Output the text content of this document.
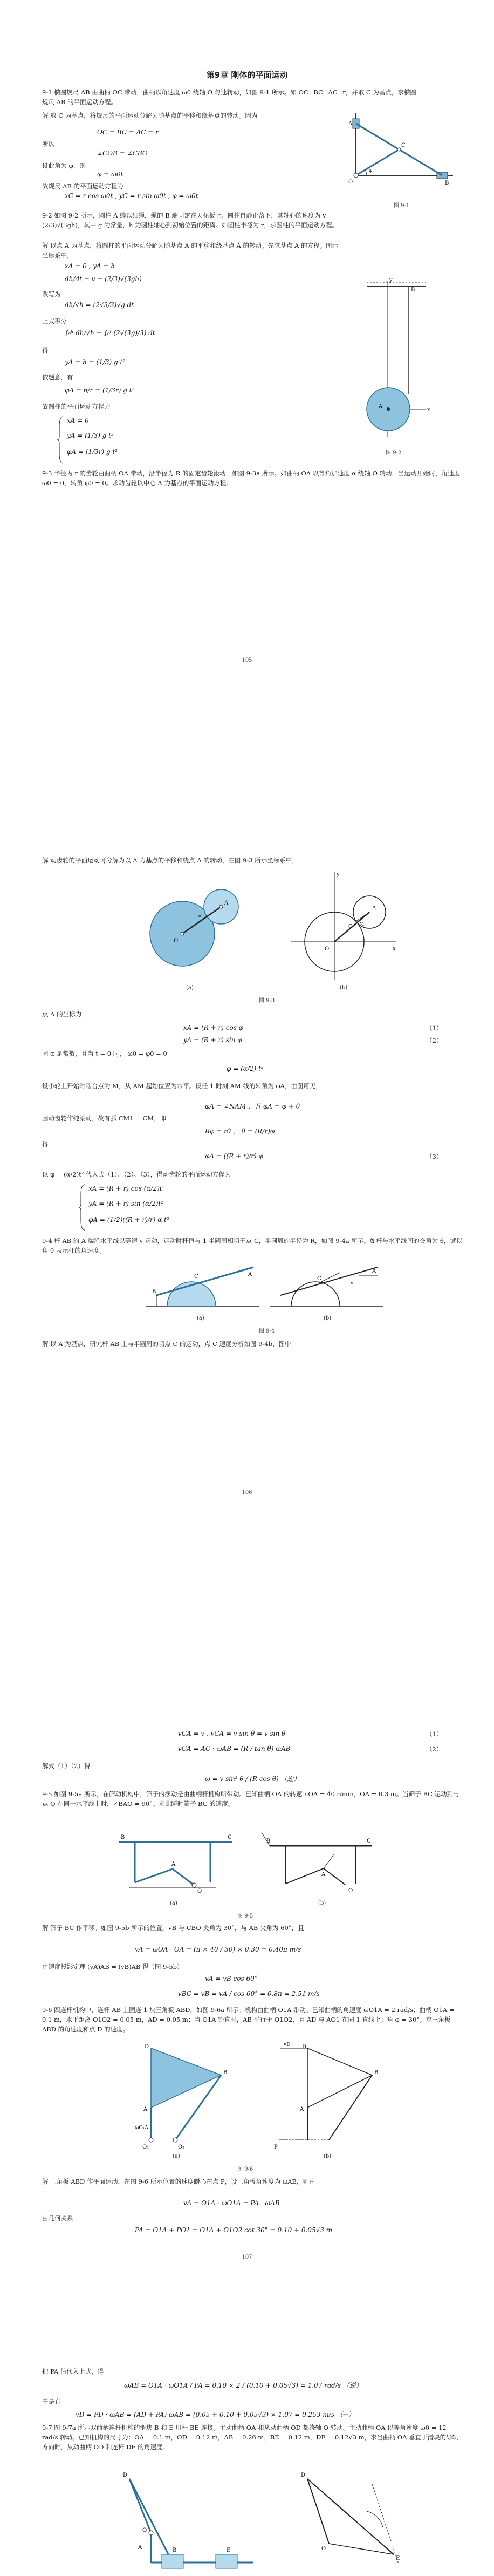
第9章 刚体的平面运动
9-1 椭圆规尺 AB 由曲柄 OC 带动，曲柄以角速度 ω0 绕轴 O 匀速转动，如图 9-1 所示。如 OC=BC=AC=r，并取 C 为基点，求椭圆规尺 AB 的平面运动方程。
解 取 C 为基点，将规尺的平面运动分解为随基点的平移和绕基点的转动。因为
OC = BC = AC = r
所以
∠COB = ∠CBO
设此角为 φ，则
φ = ω0t
故规尺 AB 的平面运动方程为
xC = r cos ω0t , yC = r sin ω0t , φ = ω0t
O
C
A
B
φ
图 9-1
9-2 如图 9-2 所示，圆柱 A 缠以细绳，绳的 B 端固定在天花板上。圆柱自静止落下，其轴心的速度为 v = (2/3)√(3gh)，其中 g 为常量，h 为圆柱轴心到初始位置的距离。如圆柱半径为 r，求圆柱的平面运动方程。
解 以点 A 为基点，将圆柱的平面运动分解为随基点 A 的平移和绕基点 A 的转动。先求基点 A 的方程。图示坐标系中，
xA = 0 , yA = h
dh/dt = v = (2/3)√(3gh)
改写为
dh/√h = (2√3/3)√g dt
上式积分
∫₀ʰ dh/√h = ∫₀ᵗ (2√(3g)/3) dt
得
yA = h = (1/3) g t²
依题意，有
φA = h/r = (1/3r) g t²
故圆柱的平面运动方程为
xA = 0
yA = (1/3) g t²
φA = (1/3r) g t²
B
A
y
x
图 9-2
9-3 半径为 r 的齿轮由曲柄 OA 带动，沿半径为 R 的固定齿轮滚动，如图 9-3a 所示。如曲柄 OA 以等角加速度 α 绕轴 O 转动，当运动开始时，角速度 ω0 = 0，转角 φ0 = 0。求动齿轮以中心 A 为基点的平面运动方程。
105
解 动齿轮的平面运动可分解为以 A 为基点的平移和绕点 A 的转动，在图 9-3 所示坐标系中，
O
A
α
(a)
O
A
y
x
C M
(b)
图 9-3
点 A 的坐标为
xA = (R + r) cos φ	（1）
yA = (R + r) sin φ	（2）
因 α 是常数，且当 t = 0 时， ω0 = φ0 = 0
φ = (α/2) t²
设小轮上开始时啮合点为 M，从 AM 起始位置为水平。设任 1 时刻 AM 线的转角为 φA，由图可见，
φA = ∠NAM ，且 φA = φ + θ
因动齿轮作纯滚动，故有弧 CM1 = CM，即
Rφ = rθ ， θ = (R/r)φ
得
φA = ((R + r)/r) φ	（3）
以 φ = (α/2)t² 代入式（1）、（2）、（3），得动齿轮的平面运动方程为
xA = (R + r) cos (α/2)t²
yA = (R + r) sin (α/2)t²
φA = (1/2)((R + r)/r) α t²
9-4 杆 AB 的 A 端沿水平线以等速 v 运动，运动时杆恒与 1 半圆周相切于点 C，半圆周的半径为 R，如图 9-4a 所示。如杆与水平线间的交角为 θ，试以角 θ 表示杆的角速度。
A
B
C
(a)
A
v
C
(b)
图 9-4
解 以 A 为基点，研究杆 AB 上与半圆周的切点 C 的运动，点 C 速度分析如图 9-4b，图中
106
vCA = v , vCA = v sin θ = v sin θ	（1）
vCA = AC · ωAB = (R / tan θ) ωAB	（2）
解式（1）（2）得
ω = v sin² θ / (R cos θ) （逆）
9-5 如图 9-5a 所示，在筛动机构中，筛子的摆动是由曲柄杆机构所带动。已知曲柄 OA 的转速 nOA = 40 r/min，OA = 0.3 m。当筛子 BC 运动到与点 O 在同一水平线上时，∠BAO = 90°。求此瞬时筛子 BC 的速度。
B	C
A
O
(a)
B	C
A
O
(b)
图 9-5
解 筛子 BC 作平移。如图 9-5b 所示的位置，vB 与 CBO 夹角为 30°，与 AB 夹角为 60°，且
vA = ωOA · OA = (π × 40 / 30) × 0.30 = 0.40π m/s
由速度投影定理 (vA)AB = (vB)AB 得（图 9-5b）
vA = vB cos 60°
vBC = vB = vA / cos 60° = 0.8π = 2.51 m/s
9-6 四连杆机构中，连杆 AB 上固连 1 块三角板 ABD，如图 9-6a 所示。机构由曲柄 O1A 带动。已知曲柄的角速度 ωO1A = 2 rad/s；曲柄 O1A = 0.1 m，水平距离 O1O2 = 0.05 m，AD = 0.05 m；当 O1A 铅直时，AB 平行于 O1O2，且 AD 与 AO1 在同 1 直线上；角 φ = 30°。求三角板 ABD 的角速度和点 D 的速度。
D
A
B
O₁	O₂
ωO₁A
(a)
D
A
B
P
vD
(b)
图 9-6
解 三角板 ABD 作平面运动，在图 9-6 所示位置的速度瞬心在点 P，设三角板角速度为 ωAB，则由
vA = O1A · ωO1A = PA · ωAB
由几何关系
PA = O1A + PO1 = O1A + O1O2 cot 30° = 0.10 + 0.05√3 m
107
把 PA 值代入上式，得
ωAB = O1A · ωO1A / PA = 0.10 × 2 / (0.10 + 0.05√3) = 1.07 rad/s （逆）
于是有
vD = PD · ωAB = (AD + PA) ωAB = (0.05 + 0.10 + 0.05√3) × 1.07 = 0.253 m/s （←）
9-7 图 9-7a 所示双曲柄连杆机构的滑块 B 和 E 用杆 BE 连接。主动曲柄 OA 和从动曲柄 OD 都绕轴 O 转动。主动曲柄 OA 以等角速度 ω0 = 12 rad/s 转动。已知机构的尺寸为：OA = 0.1 m，OD = 0.12 m，AB = 0.26 m，BE = 0.12 m，DE = 0.12√3 m，求当曲柄 OA 垂直于滑块的导轨方向时，从动曲柄 OD 和连杆 DE 的角速度。
D
O
A	B	E
D
O
E
